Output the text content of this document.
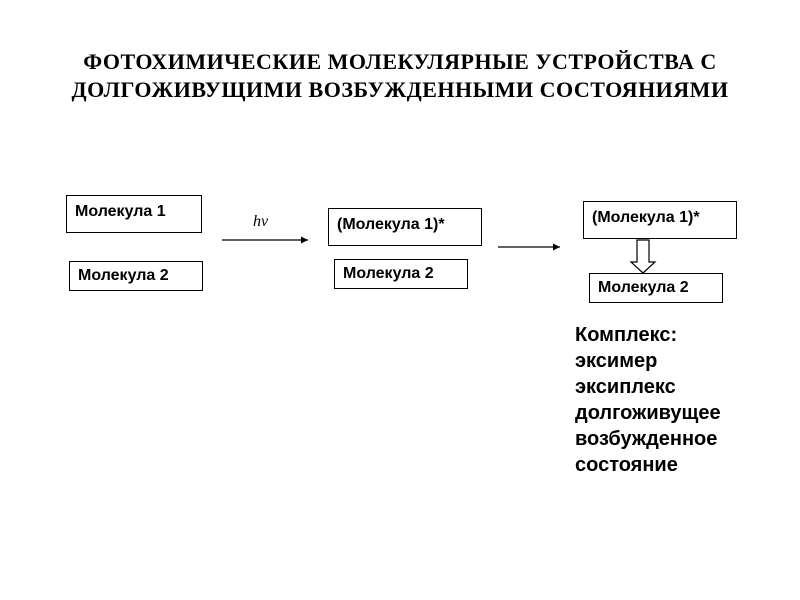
ФОТОХИМИЧЕСКИЕ МОЛЕКУЛЯРНЫЕ УСТРОЙСТВА С
ДОЛГОЖИВУЩИМИ ВОЗБУЖДЕННЫМИ СОСТОЯНИЯМИ
Молекула 1
Молекула 2
hν	(Молекула 1)*
Молекула 2
(Молекула 1)*
Молекула 2
Комплекс:
эксимер
эксиплекс
долгоживущее
возбужденное
состояние
